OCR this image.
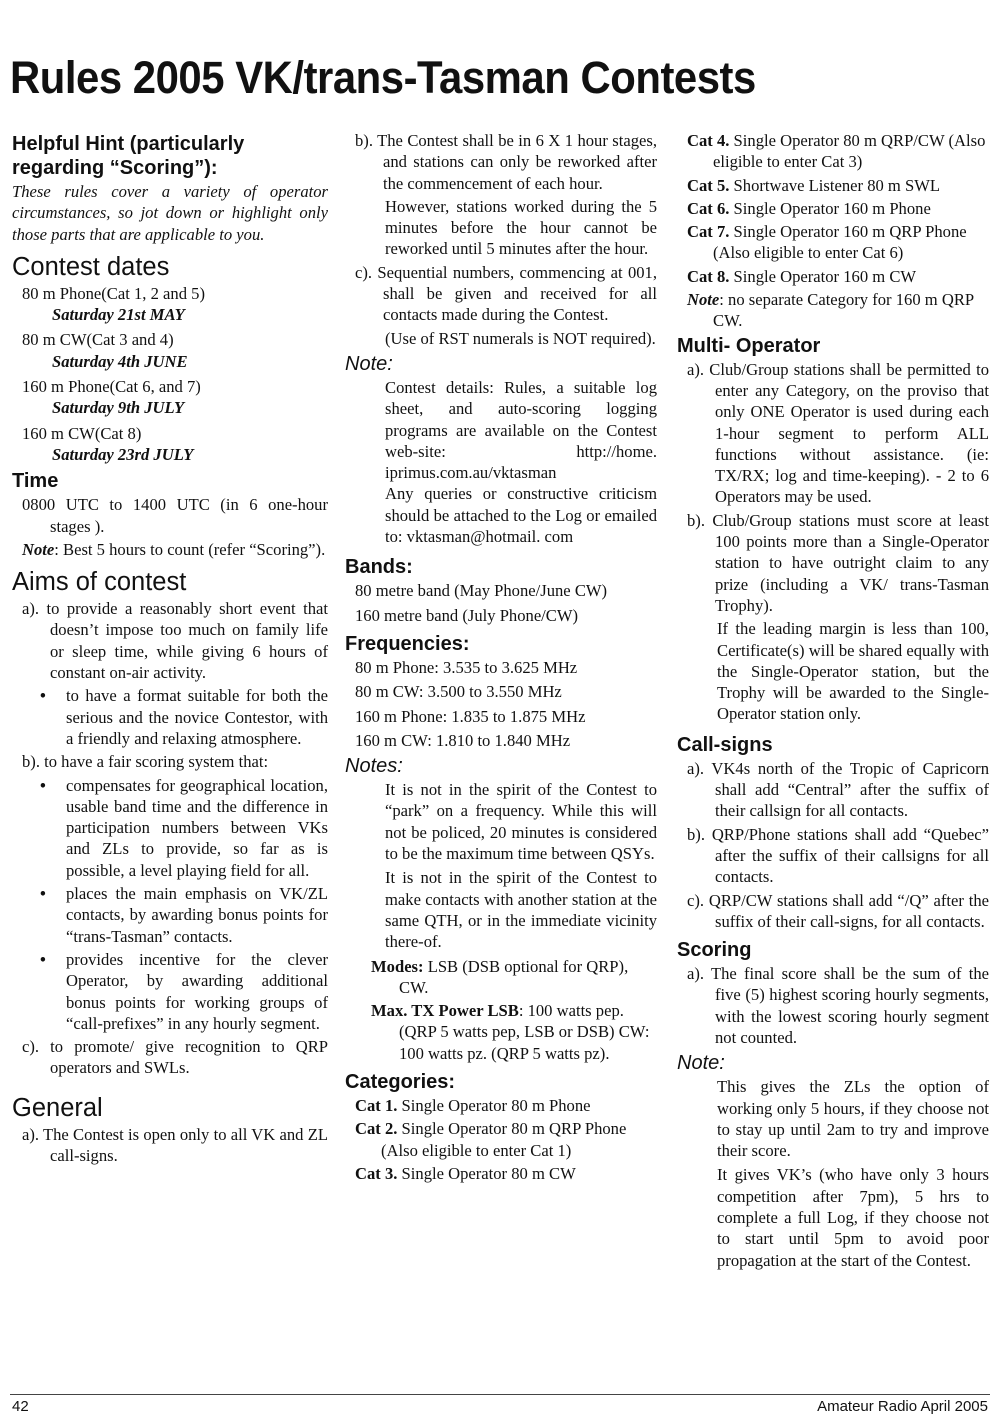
Rules 2005 VK/trans-Tasman Contests
Helpful Hint (particularly regarding “Scoring”):

These rules cover a variety of operator circumstances, so jot down or highlight only those parts that are applicable to you.

Contest dates

80 m Phone(Cat 1, 2 and 5)

Saturday 21st MAY

80 m CW(Cat 3 and 4)

Saturday 4th JUNE

160 m Phone(Cat 6, and 7)

Saturday 9th JULY

160 m CW(Cat 8)

Saturday 23rd JULY

Time

0800 UTC to 1400 UTC (in 6 one-hour stages ).

Note: Best 5 hours to count (refer “Scoring”).

Aims of contest

a). to provide a reasonably short event that doesn’t impose too much on family life or sleep time, while giving 6 hours of constant on-air activity.

• to have a format suitable for both the serious and the novice Contestor, with a friendly and relaxing atmosphere.

b). to have a fair scoring system that:

• compensates for geographical location, usable band time and the difference in participation numbers between VKs and ZLs to provide, so far as is possible, a level playing field for all.

• places the main emphasis on VK/ZL contacts, by awarding bonus points for “trans-Tasman” contacts.

• provides incentive for the clever Operator, by awarding additional bonus points for working groups of “call-prefixes” in any hourly segment.

c). to promote/ give recognition to QRP operators and SWLs.

General

a). The Contest is open only to all VK and ZL call-signs.

b). The Contest shall be in 6 X 1 hour stages, and stations can only be reworked after the commencement of each hour.

However, stations worked during the 5 minutes before the hour cannot be reworked until 5 minutes after the hour.

c). Sequential numbers, commencing at 001, shall be given and received for all contacts made during the Contest.

(Use of RST numerals is NOT required).

Note:

Contest details: Rules, a suitable log sheet, and auto-scoring logging programs are available on the Contest web-site: http://home. iprimus.com.au/vktasman

Any queries or constructive criticism should be attached to the Log or emailed to: vktasman@hotmail. com

Bands:

80 metre band (May Phone/June CW)

160 metre band (July Phone/CW)

Frequencies:

80 m Phone: 3.535 to 3.625 MHz

80 m CW: 3.500 to 3.550 MHz

160 m Phone: 1.835 to 1.875 MHz

160 m CW: 1.810 to 1.840 MHz

Notes:

It is not in the spirit of the Contest to “park” on a frequency. While this will not be policed, 20 minutes is considered to be the maximum time between QSYs.

It is not in the spirit of the Contest to make contacts with another station at the same QTH, or in the immediate vicinity there-of.

Modes: LSB (DSB optional for QRP), CW.

Max. TX Power LSB: 100 watts pep. (QRP 5 watts pep, LSB or DSB) CW: 100 watts pz. (QRP 5 watts pz).

Categories:

Cat 1. Single Operator 80 m Phone

Cat 2. Single Operator 80 m QRP Phone (Also eligible to enter Cat 1)

Cat 3. Single Operator 80 m CW

Cat 4. Single Operator 80 m QRP/CW (Also eligible to enter Cat 3)

Cat 5. Shortwave Listener 80 m SWL

Cat 6. Single Operator 160 m Phone

Cat 7. Single Operator 160 m QRP Phone (Also eligible to enter Cat 6)

Cat 8. Single Operator 160 m CW

Note: no separate Category for 160 m QRP CW.

Multi- Operator

a). Club/Group stations shall be permitted to enter any Category, on the proviso that only ONE Operator is used during each 1-hour segment to perform ALL functions without assistance. (ie: TX/RX; log and time-keeping). - 2 to 6 Operators may be used.

b). Club/Group stations must score at least 100 points more than a Single-Operator station to have outright claim to any prize (including a VK/ trans-Tasman Trophy).

If the leading margin is less than 100, Certificate(s) will be shared equally with the Single-Operator station, but the Trophy will be awarded to the Single-Operator station only.

Call-signs

a). VK4s north of the Tropic of Capricorn shall add “Central” after the suffix of their callsign for all contacts.

b). QRP/Phone stations shall add “Quebec” after the suffix of their callsigns for all contacts.

c). QRP/CW stations shall add “/Q” after the suffix of their call-signs, for all contacts.

Scoring

a). The final score shall be the sum of the five (5) highest scoring hourly segments, with the lowest scoring hourly segment not counted.

Note:

This gives the ZLs the option of working only 5 hours, if they choose not to stay up until 2am to try and improve their score.

It gives VK’s (who have only 3 hours competition after 7pm), 5 hrs to complete a full Log, if they choose not to start until 5pm to avoid poor propagation at the start of the Contest.

42	Amateur Radio April 2005
